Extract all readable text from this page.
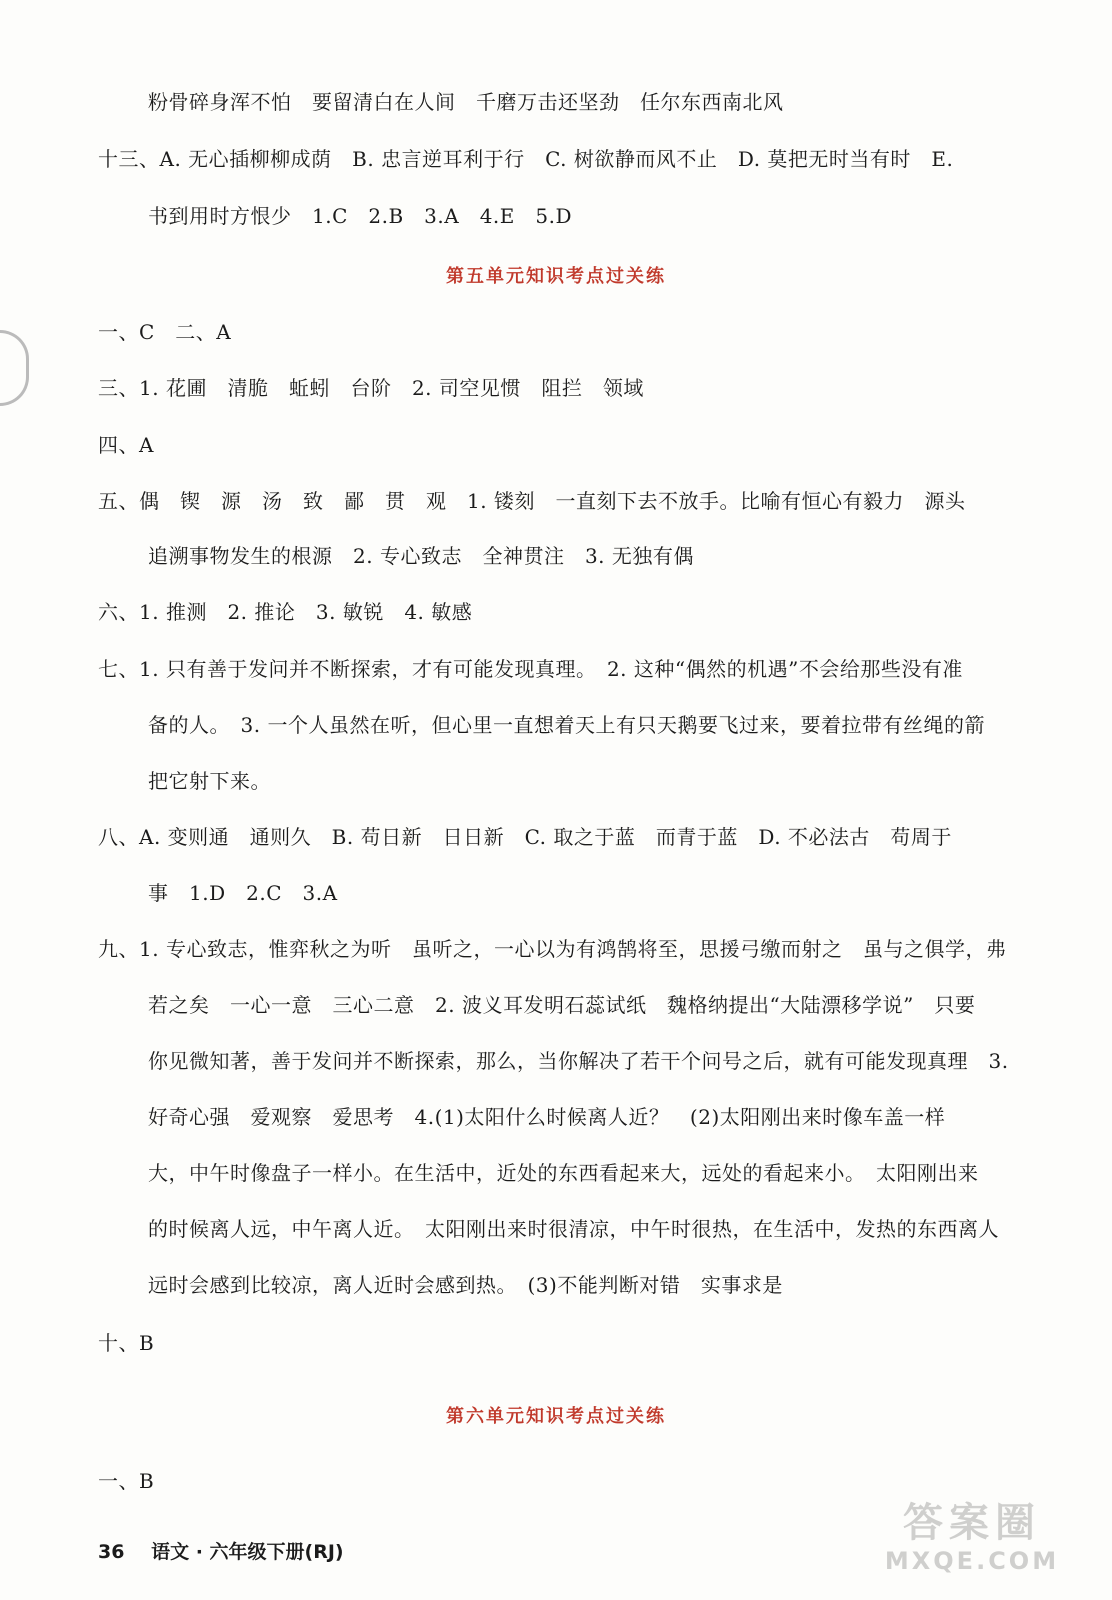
粉骨碎身浑不怕　要留清白在人间　千磨万击还坚劲　任尔东西南北风
十三、A. 无心插柳柳成荫　B. 忠言逆耳利于行　C. 树欲静而风不止　D. 莫把无时当有时　E.
书到用时方恨少　1.C　2.B　3.A　4.E　5.D
第五单元知识考点过关练
一、C　二、A
三、1. 花圃　清脆　蚯蚓　台阶　2. 司空见惯　阻拦　领域
四、A
五、偶　锲　源　汤　致　鄙　贯　观　1. 镂刻　一直刻下去不放手。比喻有恒心有毅力　源头
追溯事物发生的根源　2. 专心致志　全神贯注　3. 无独有偶
六、1. 推测　2. 推论　3. 敏锐　4. 敏感
七、1. 只有善于发问并不断探索，才有可能发现真理。　2. 这种“偶然的机遇”不会给那些没有准
备的人。　3. 一个人虽然在听，但心里一直想着天上有只天鹅要飞过来，要着拉带有丝绳的箭
把它射下来。
八、A. 变则通　通则久　B. 苟日新　日日新　C. 取之于蓝　而青于蓝　D. 不必法古　苟周于
事　1.D　2.C　3.A
九、1. 专心致志，惟弈秋之为听　虽听之，一心以为有鸿鹄将至，思援弓缴而射之　虽与之俱学，弗
若之矣　一心一意　三心二意　2. 波义耳发明石蕊试纸　魏格纳提出“大陆漂移学说”　只要
你见微知著，善于发问并不断探索，那么，当你解决了若干个问号之后，就有可能发现真理　3.
好奇心强　爱观察　爱思考　4.(1)太阳什么时候离人近？　(2)太阳刚出来时像车盖一样
大，中午时像盘子一样小。在生活中，近处的东西看起来大，远处的看起来小。　太阳刚出来
的时候离人远，中午离人近。　太阳刚出来时很清凉，中午时很热，在生活中，发热的东西离人
远时会感到比较凉，离人近时会感到热。　(3)不能判断对错　实事求是
十、B
第六单元知识考点过关练
一、B
36 语文 · 六年级下册(RJ)
答案圈
MXQE.COM
